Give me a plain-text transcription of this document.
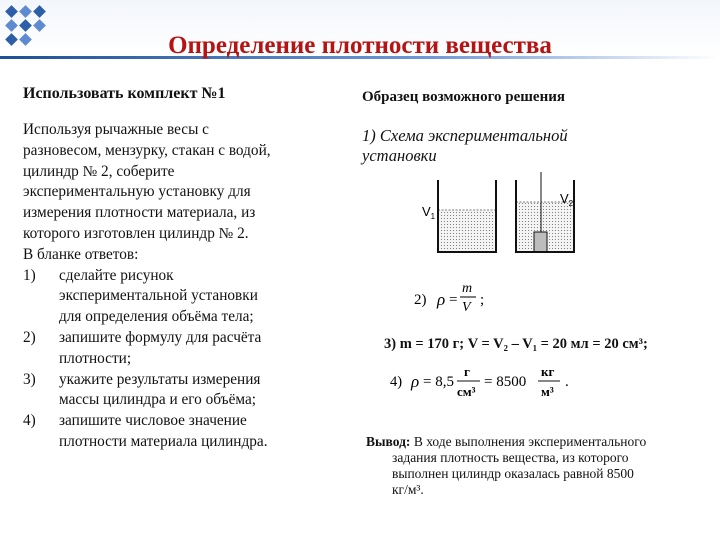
Определение плотности вещества
Использовать комплект №1	Образец возможного решения
Используя рычажные весы с
разновесом, мензурку, стакан с водой,
цилиндр № 2, соберите
экспериментальную установку для
измерения плотности материала, из
которого изготовлен цилиндр № 2.
В бланке ответов:
1)	сделайте рисунок
экспериментальной установки
для определения объёма тела;
2)	запишите формулу для расчёта
плотности;
3)	укажите результаты измерения
массы цилиндра и его объёма;
4)	запишите числовое значение
плотности материала цилиндра.
1) Схема экспериментальной
установки
$V_1$
$V_2$
2) ρ =
m
V ;
3) m = 170 г; V = V₂ – V₁ = 20 мл = 20 см³;
4) ρ = 8,5
г
см³
= 8500
кг
м³
.
Вывод: В ходе выполнения экспериментального
задания плотность вещества, из которого
выполнен цилиндр оказалась равной 8500
кг/м³.
